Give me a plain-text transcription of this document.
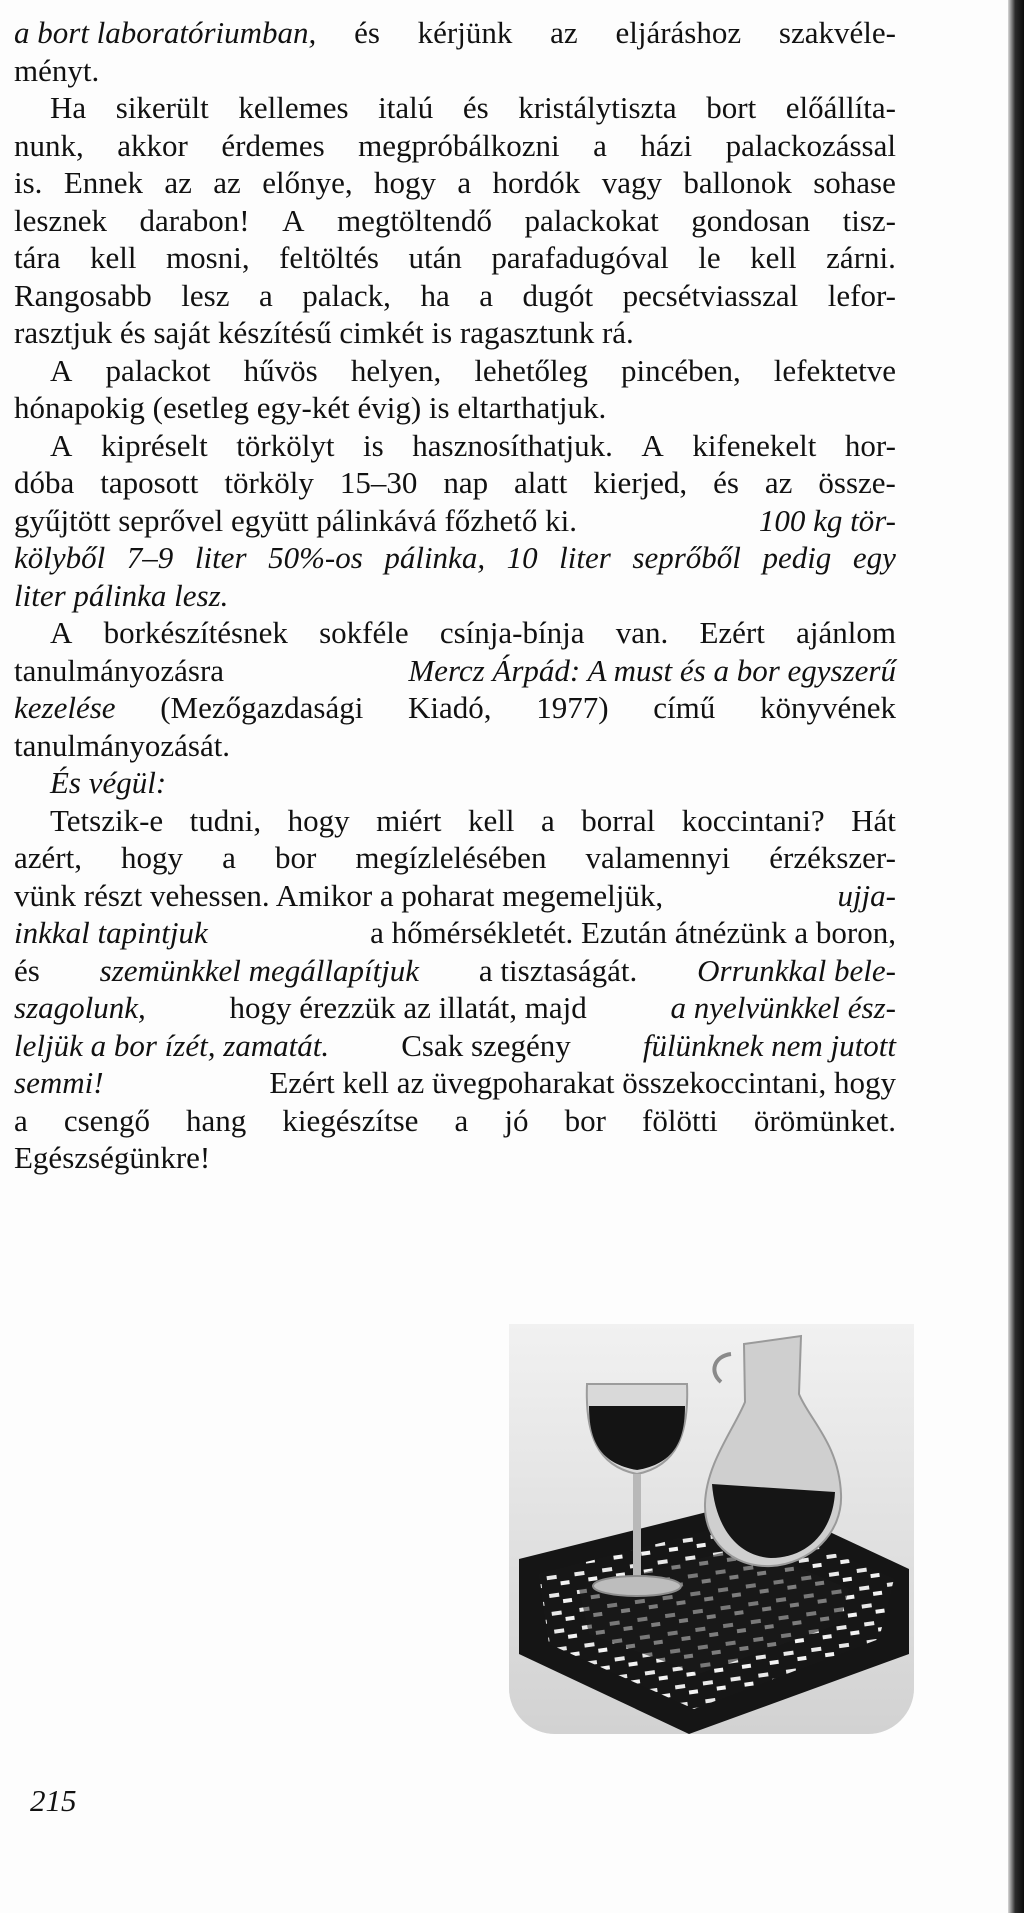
a bort laboratóriumban, és kérjünk az eljáráshoz szakvéle-
ményt.
Ha sikerült kellemes italú és kristálytiszta bort előállíta-
nunk, akkor érdemes megpróbálkozni a házi palackozással
is. Ennek az az előnye, hogy a hordók vagy ballonok sohase
lesznek darabon! A megtöltendő palackokat gondosan tisz-
tára kell mosni, feltöltés után parafadugóval le kell zárni.
Rangosabb lesz a palack, ha a dugót pecsétviasszal lefor-
rasztjuk és saját készítésű cimkét is ragasztunk rá.
A palackot hűvös helyen, lehetőleg pincében, lefektetve
hónapokig (esetleg egy-két évig) is eltarthatjuk.
A kipréselt törkölyt is hasznosíthatjuk. A kifenekelt hor-
dóba taposott törköly 15–30 nap alatt kierjed, és az össze-
gyűjtött seprővel együtt pálinkává főzhető ki.	100 kg tör-
kölyből 7–9 liter 50%-os pálinka, 10 liter seprőből pedig egy
liter pálinka lesz.
A borkészítésnek sokféle csínja-bínja van. Ezért ajánlom
tanulmányozásra	Mercz Árpád: A must és a bor egyszerű
kezelése (Mezőgazdasági Kiadó, 1977) című könyvének
tanulmányozását.
És végül:
Tetszik-e tudni, hogy miért kell a borral koccintani? Hát
azért, hogy a bor megízlelésében valamennyi érzékszer-
vünk részt vehessen. Amikor a poharat megemeljük,	ujja-
inkkal tapintjuk	a hőmérsékletét. Ezután átnézünk a boron,
és szemünkkel megállapítjuk a tisztaságát. Orrunkkal bele-
szagolunk,	hogy érezzük az illatát, majd	a nyelvünkkel ész-
leljük a bor ízét, zamatát. Csak szegény fülünknek nem jutott
semmi!	Ezért kell az üvegpoharakat összekoccintani, hogy
a csengő hang kiegészítse a jó bor fölötti örömünket.
Egészségünkre!
215
